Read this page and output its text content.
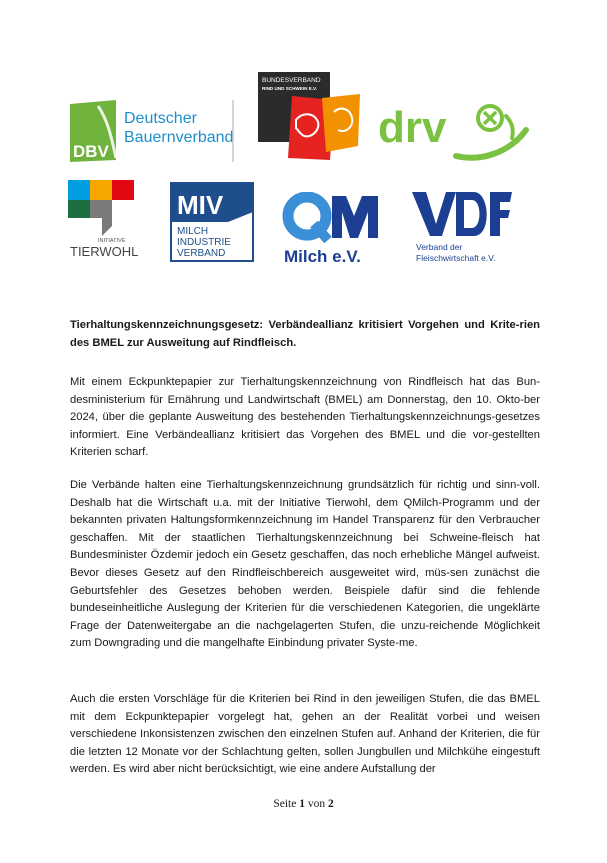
DBV
Deutscher
Bauernverband
BUNDESVERBAND
RIND UND SCHWEIN E.V.
drv
INITIATIVE
TIERWOHL
MIV
MILCH
INDUSTRIE
VERBAND	Milch e.V.	Verband der
Fleischwirtschaft e.V.
Tierhaltungskennzeichnungsgesetz: Verbändeallianz kritisiert Vorgehen und Krite-rien des BMEL zur Ausweitung auf Rindfleisch.

Mit einem Eckpunktepapier zur Tierhaltungskennzeichnung von Rindfleisch hat das Bun-desministerium für Ernährung und Landwirtschaft (BMEL) am Donnerstag, den 10. Okto-ber 2024, über die geplante Ausweitung des bestehenden Tierhaltungskennzeichnungs-gesetzes informiert. Eine Verbändeallianz kritisiert das Vorgehen des BMEL und die vor-gestellten Kriterien scharf.

Die Verbände halten eine Tierhaltungskennzeichnung grundsätzlich für richtig und sinn-voll. Deshalb hat die Wirtschaft u.a. mit der Initiative Tierwohl, dem QMilch-Programm und der bekannten privaten Haltungsformkennzeichnung im Handel Transparenz für den Verbraucher geschaffen. Mit der staatlichen Tierhaltungskennzeichnung bei Schweine-fleisch hat Bundesminister Özdemir jedoch ein Gesetz geschaffen, das noch erhebliche Mängel aufweist. Bevor dieses Gesetz auf den Rindfleischbereich ausgeweitet wird, müs-sen zunächst die Geburtsfehler des Gesetzes behoben werden. Beispiele dafür sind die fehlende bundeseinheitliche Auslegung der Kriterien für die verschiedenen Kategorien, die ungeklärte Frage der Datenweitergabe an die nachgelagerten Stufen, die unzu-reichende Möglichkeit zum Downgrading und die mangelhafte Einbindung privater Syste-me.

Auch die ersten Vorschläge für die Kriterien bei Rind in den jeweiligen Stufen, die das BMEL mit dem Eckpunktepapier vorgelegt hat, gehen an der Realität vorbei und weisen verschiedene Inkonsistenzen zwischen den einzelnen Stufen auf. Anhand der Kriterien, die für die letzten 12 Monate vor der Schlachtung gelten, sollen Jungbullen und Milchkühe eingestuft werden. Es wird aber nicht berücksichtigt, wie eine andere Aufstallung der

Seite 1 von 2
